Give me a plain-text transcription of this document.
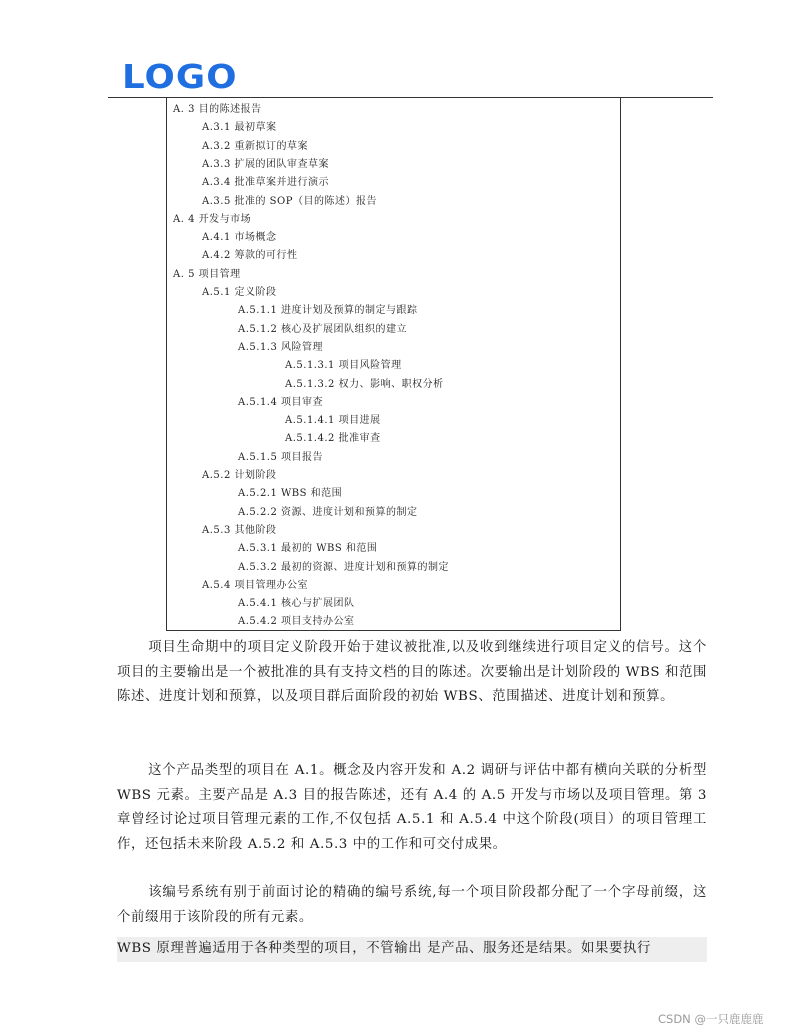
LOGO
A. 3 目的陈述报告
A.3.1 最初草案
A.3.2 重新拟订的草案
A.3.3 扩展的团队审查草案
A.3.4 批准草案并进行演示
A.3.5 批准的 SOP（目的陈述）报告
A. 4 开发与市场
A.4.1 市场概念
A.4.2 筹款的可行性
A. 5 项目管理
A.5.1 定义阶段
A.5.1.1 进度计划及预算的制定与跟踪
A.5.1.2 核心及扩展团队组织的建立
A.5.1.3 风险管理
A.5.1.3.1 项目风险管理
A.5.1.3.2 权力、影响、职权分析
A.5.1.4 项目审查
A.5.1.4.1 项目进展
A.5.1.4.2 批准审查
A.5.1.5 项目报告
A.5.2 计划阶段
A.5.2.1 WBS 和范围
A.5.2.2 资源、进度计划和预算的制定
A.5.3 其他阶段
A.5.3.1 最初的 WBS 和范围
A.5.3.2 最初的资源、进度计划和预算的制定
A.5.4 项目管理办公室
A.5.4.1 核心与扩展团队
A.5.4.2 项目支持办公室

项目生命期中的项目定义阶段开始于建议被批准,以及收到继续进行项目定义的信号。这个项目的主要输出是一个被批准的具有支持文档的目的陈述。次要输出是计划阶段的 WBS 和范围陈述、进度计划和预算，以及项目群后面阶段的初始 WBS、范围描述、进度计划和预算。

这个产品类型的项目在 A.1。概念及内容开发和 A.2 调研与评估中都有横向关联的分析型 WBS 元素。主要产品是 A.3 目的报告陈述，还有 A.4 的 A.5 开发与市场以及项目管理。第 3 章曾经讨论过项目管理元素的工作,不仅包括 A.5.1 和 A.5.4 中这个阶段(项目）的项目管理工作，还包括未来阶段 A.5.2 和 A.5.3 中的工作和可交付成果。

该编号系统有别于前面讨论的精确的编号系统,每一个项目阶段都分配了一个字母前缀，这个前缀用于该阶段的所有元素。

WBS 原理普遍适用于各种类型的项目，不管输出 是产品、服务还是结果。如果要执行

CSDN @一只鹿鹿鹿
